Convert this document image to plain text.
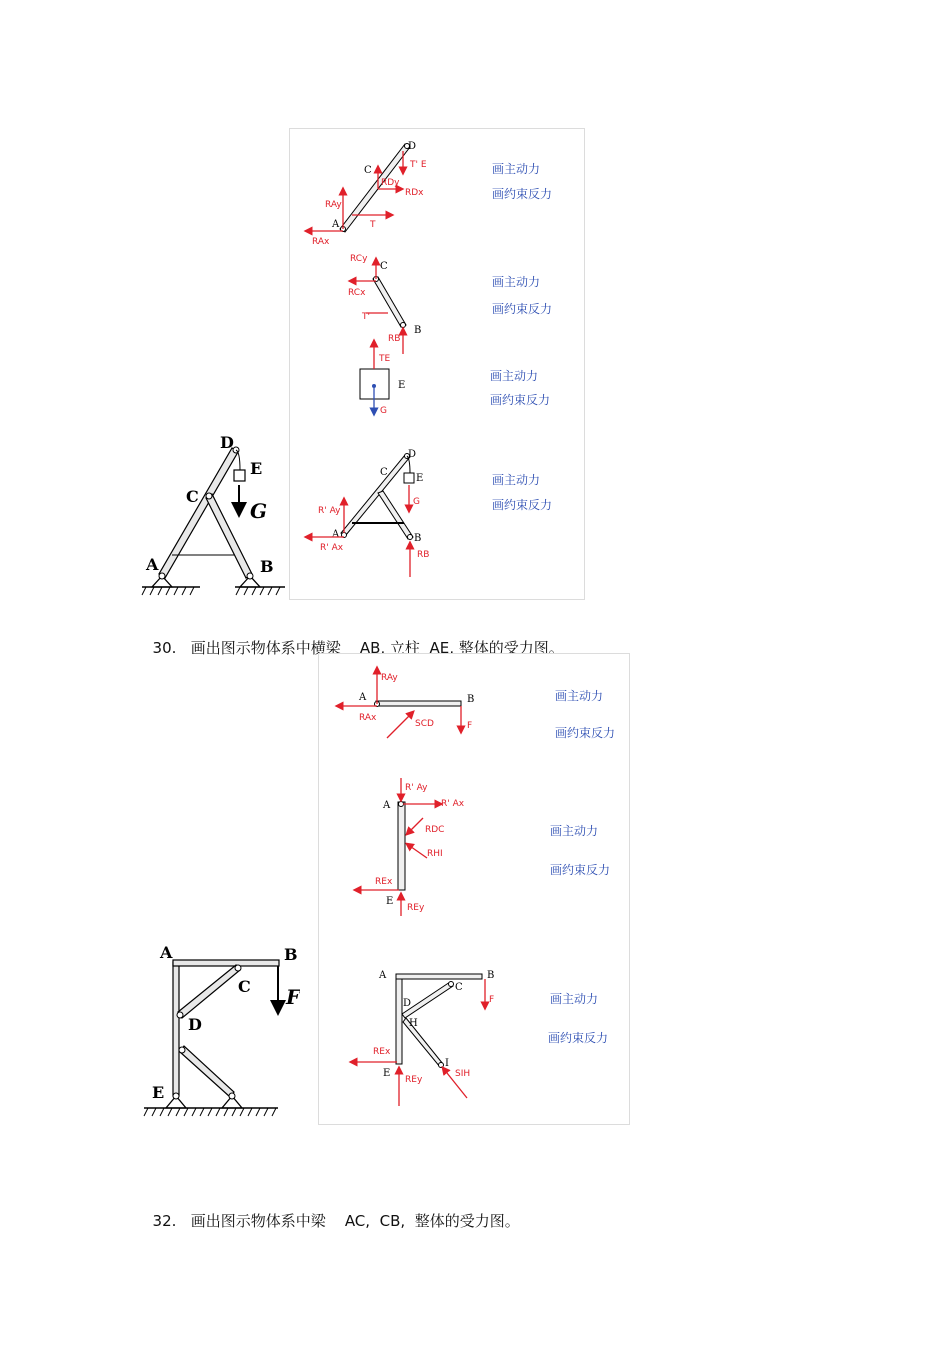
A	B
C
D
E
G
A
C
D
RAy
RAx
T
T' E
RDy
RDx
C
B
RCy
RCx
T'
RB
E
TE
G
A
C
D
E
B
R' Ay
R' Ax
G
RB
画主动力
画约束反力
画主动力
画约束反力
画主动力
画约束反力
画主动力
画约束反力

30. 画出图示物体系中横梁 AB, 立柱 AE, 整体的受力图。

A	B
C
D
E
F
A	B
RAy
RAx
SCD	F
A
E
R' Ay
R' Ax
RDC
RHI
REx
REy
A	B
C
D
H
I
E
F
REx
REy
SIH
画主动力
画约束反力
画主动力
画约束反力
画主动力
画约束反力

32. 画出图示物体系中梁 AC, CB, 整体的受力图。
